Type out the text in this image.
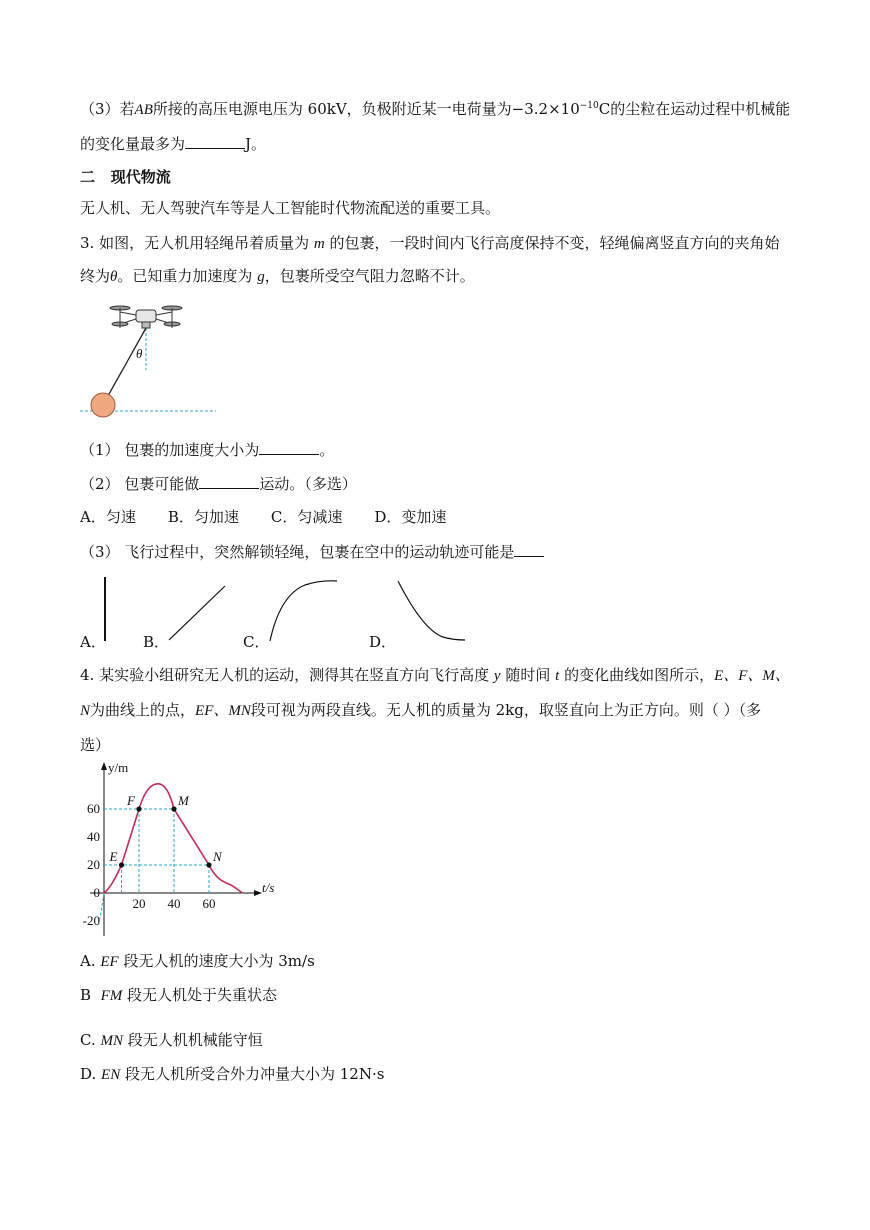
（3）若AB所接的高压电源电压为 60kV，负极附近某一电荷量为$-3.2\times 10^{-10}C$的尘粒在运动过程中机械能
的变化量最多为	J。
二 现代物流
无人机、无人驾驶汽车等是人工智能时代物流配送的重要工具。
3. 如图，无人机用轻绳吊着质量为 m 的包裹，一段时间内飞行高度保持不变，轻绳偏离竖直方向的夹角始
终为θ。已知重力加速度为 g，包裹所受空气阻力忽略不计。
θ
（1） 包裹的加速度大小为	。
（2） 包裹可能做	运动。（多选）
A．匀速 B．匀加速 C．匀减速 D．变加速
（3） 飞行过程中，突然解锁轻绳，包裹在空中的运动轨迹可能是
A． B．	C．	D．
4. 某实验小组研究无人机的运动，测得其在竖直方向飞行高度 y 随时间 t 的变化曲线如图所示，E、F、M、
N为曲线上的点，EF、MN段可视为两段直线。无人机的质量为 2kg，取竖直向上为正方向。则（ ）（多
选）
y/m
t/s
60
40
20
0
-20
20 40 60
E
F	M
N
A. EF 段无人机的速度大小为 3m/s
B FM 段无人机处于失重状态
C. MN 段无人机机械能守恒
D. EN 段无人机所受合外力冲量大小为 12N·s
